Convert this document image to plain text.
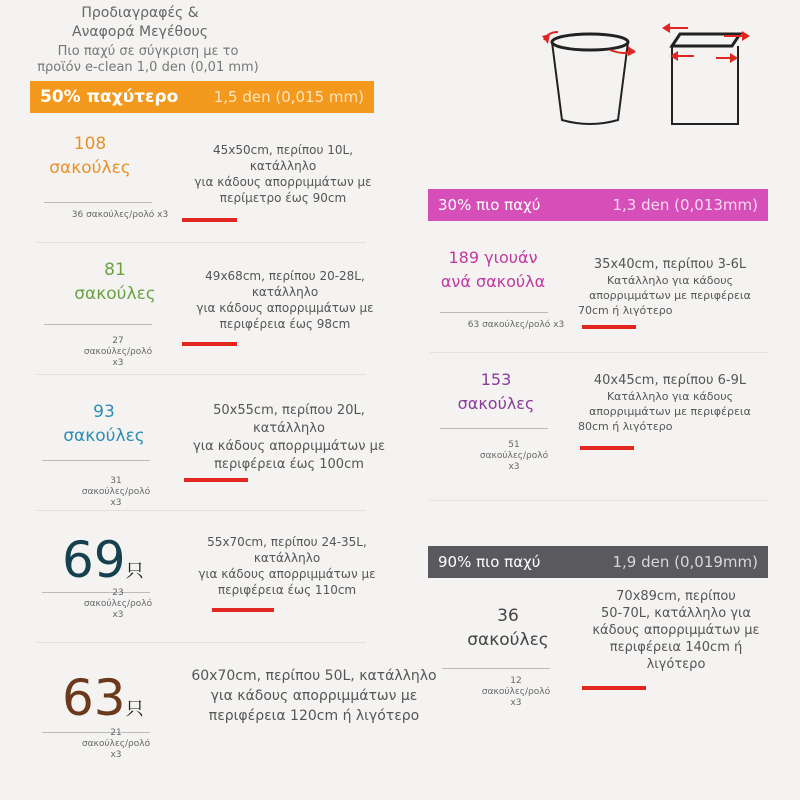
Προδιαγραφές &
Αναφορά Μεγέθους
Πιο παχύ σε σύγκριση με το
προϊόν e-clean 1,0 den (0,01 mm)
50% παχύτερο 1,5 den (0,015 mm)
30% πιο παχύ	1,3 den (0,013mm)
90% πιο παχύ	1,9 den (0,019mm)
108
σακούλες
36 σακούλες/ρολό x3
45x50cm, περίπου 10L, κατάλληλο
για κάδους απορριμμάτων με
περίμετρο έως 90cm
81
σακούλες
27
σακούλες/ρολό
x3
49x68cm, περίπου 20-28L, κατάλληλο
για κάδους απορριμμάτων με
περιφέρεια έως 98cm
93
σακούλες
31
σακούλες/ρολό
x3
50x55cm, περίπου 20L, κατάλληλο
για κάδους απορριμμάτων με
περιφέρεια έως 100cm
69只
23
σακούλες/ρολό
x3
55x70cm, περίπου 24-35L, κατάλληλο
για κάδους απορριμμάτων με
περιφέρεια έως 110cm
63只
21
σακούλες/ρολό
x3
60x70cm, περίπου 50L, κατάλληλο
για κάδους απορριμμάτων με
περιφέρεια 120cm ή λιγότερο
189 γιουάν
ανά σακούλα
63 σακούλες/ρολό x3
35x40cm, περίπου 3-6L
Κατάλληλο για κάδους
απορριμμάτων με περιφέρεια
70cm ή λιγότερο
153
σακούλες
51
σακούλες/ρολό
x3
40x45cm, περίπου 6-9L
Κατάλληλο για κάδους
απορριμμάτων με περιφέρεια
80cm ή λιγότερο
36
σακούλες
12
σακούλες/ρολό
x3
70x89cm, περίπου
50-70L, κατάλληλο για
κάδους απορριμμάτων με
περιφέρεια 140cm ή
λιγότερο
